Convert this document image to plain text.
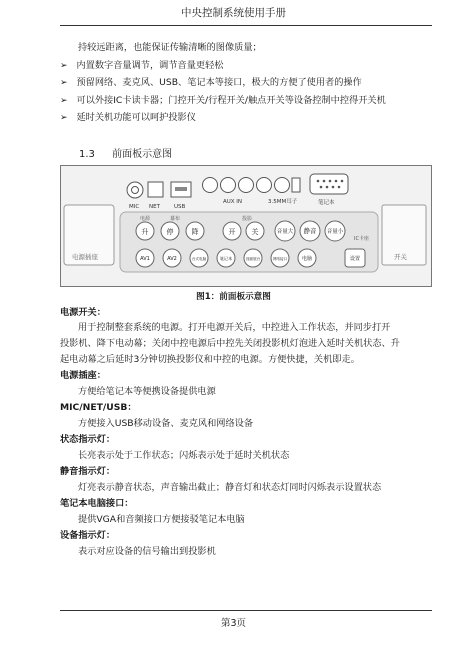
中央控制系统使用手册
持较远距离，也能保证传输清晰的图像质量；
➢ 内置数字音量调节，调节音量更轻松
➢ 预留网络、麦克风、USB、笔记本等接口，极大的方便了使用者的操作
➢ 可以外接IC卡读卡器；门控开关/行程开关/触点开关等设备控制中控得开关机
➢ 延时关机功能可以呵护投影仪
1.3 前面板示意图
电源插座
MIC NET	USB
AUX IN	3.5MM耳子	笔记本
电源	幕布	投影
IC卡座
升	停	降	开 关	音量大 静音 音量小
AV1	AV2	台式电脑	笔记本	视频展台	网络接口	电脑	设置	开关
图1：前面板示意图
电源开关：
用于控制整套系统的电源。打开电源开关后，中控进入工作状态，并同步打开
投影机、降下电动幕；关闭中控电源后中控先关闭投影机灯泡进入延时关机状态、升
起电动幕之后延时3分钟切换投影仪和中控的电源。方便快捷，关机即走。
电源插座：
方便给笔记本等便携设备提供电源
MIC/NET/USB：
方便接入USB移动设备、麦克风和网络设备
状态指示灯：
长亮表示处于工作状态；闪烁表示处于延时关机状态
静音指示灯：
灯亮表示静音状态，声音输出截止；静音灯和状态灯同时闪烁表示设置状态
笔记本电脑接口：
提供VGA和音频接口方便接驳笔记本电脑
设备指示灯：
表示对应设备的信号输出到投影机
第3页
